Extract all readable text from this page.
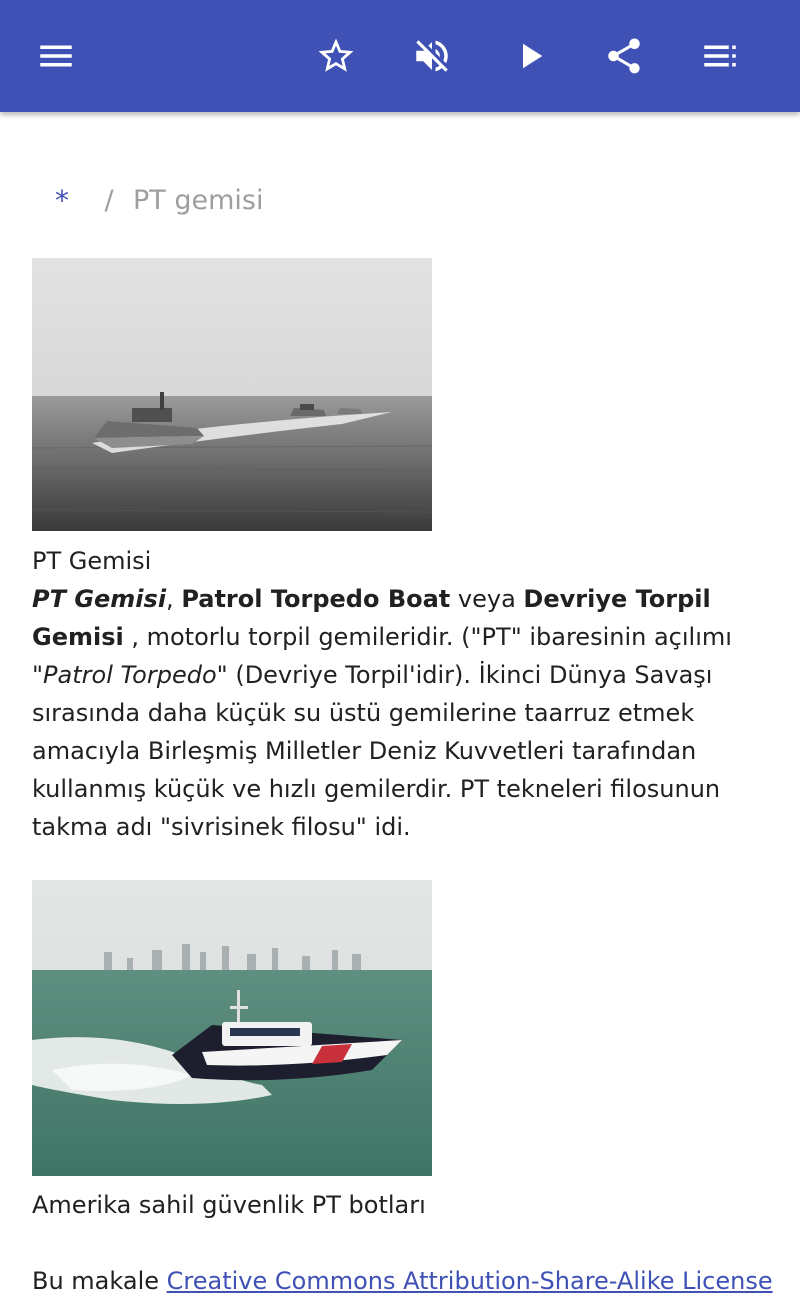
*	/ PT gemisi
PT Gemisi
PT Gemisi, Patrol Torpedo Boat veya Devriye Torpil Gemisi , motorlu torpil gemileridir. ("PT" ibaresinin açılımı "Patrol Torpedo" (Devriye Torpil'idir). İkinci Dünya Savaşı sırasında daha küçük su üstü gemilerine taarruz etmek amacıyla Birleşmiş Milletler Deniz Kuvvetleri tarafından kullanmış küçük ve hızlı gemilerdir. PT tekneleri filosunun takma adı "sivrisinek filosu" idi.
Amerika sahil güvenlik PT botları
Bu makale Creative Commons Attribution-Share-Alike License
